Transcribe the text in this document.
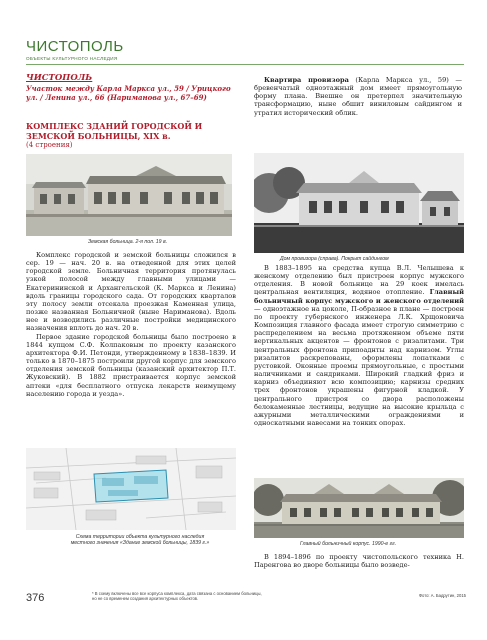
ЧИСТОПОЛЬ
ОБЪЕКТЫ КУЛЬТУРНОГО НАСЛЕДИЯ
ЧИСТОПОЛЬ
Участок между Карла Маркса ул., 59 / Урицкого ул. / Ленина ул., 66 (Нариманова ул., 67–69)
КОМПЛЕКС ЗДАНИЙ ГОРОДСКОЙ И ЗЕМСКОЙ БОЛЬНИЦЫ, XIX в.
(4 строения)

Квартира провизора (Карла Маркса ул., 59) — бревенчатый одноэтажный дом имеет прямоугольную форму плана. Внешне он претерпел значительную трансформацию, ныне обшит виниловым сайдингом и утратил исторический облик.

Земская больница. 2-я пол. 19 в.
Дом провизора (справа). Покрыт сайдингом

Комплекс городской и земской больницы сложился в сер. 19 — нач. 20 в. на отведенной для этих целей городской земле. Больничная территория протянулась узкой полосой между главными улицами — Екатерининской и Архангельской (К. Маркса и Ленина) вдоль границы городского сада. От городских кварталов эту полосу земли отсекала проезжая Каменная улица, позже названная Больничной (ныне Нариманова). Вдоль нее и возводились различные постройки медицинского назначения вплоть до нач. 20 в.

Первое здание городской больницы было построено в 1844 купцом С.Ф. Колпаковым по проекту казанского архитектора Ф.И. Петонди, утвержденному в 1838–1839. И только в 1870–1875 построили другой корпус для земского отделения земской больницы (казанский архитектор П.Т. Жуковский). В 1882 пристраивается корпус земской аптеки «для бесплатного отпуска лекарств неимущему населению города и уезда».

Схема территории объекта культурного наследия местного значения «Здание земской больницы, 1839 г.»

В 1883–1895 на средства купца В.Л. Челышева к женскому отделению был пристроен корпус мужского отделения. В новой больнице на 29 коек имелась центральная вентиляция, водяное отопление. Главный больничный корпус мужского и женского отделений — одноэтажное на цоколе, П-образное в плане — построен по проекту губернского инженера Л.К. Хрщоновича Композиция главного фасада имеет строгую симметрию с распределением на весьма протяженном объеме пяти вертикальных акцентов — фронтонов с ризалитами. Три центральных фронтона припоаднты над карнизом. Углы ризалитов раскрепованы, оформлены лопатками с рустовкой. Оконные проемы прямоугольные, с простыми наличниками и сандриками. Широкий гладкий фриз и карниз объединяют всю композицию; карнизы средних трех фронтонов украшены фигурной кладкой. У центрального пристроя со двора расположены белокаменные лестницы, ведущие на высокие крыльца с ажурными металлическими ограждениями и односкатными навесами на тонких опорах.

Главный больничный корпус. 1990-е гг.

В 1894–1896 по проекту чистопольского техника Н. Паренгова во дворе больницы было возведе-

376	* В схему включены все все корпуса комплекса, дата связана с основанием больницы, но не со временем создания архитектурных объектов.
Фото: А. Бадрутин, 2015
